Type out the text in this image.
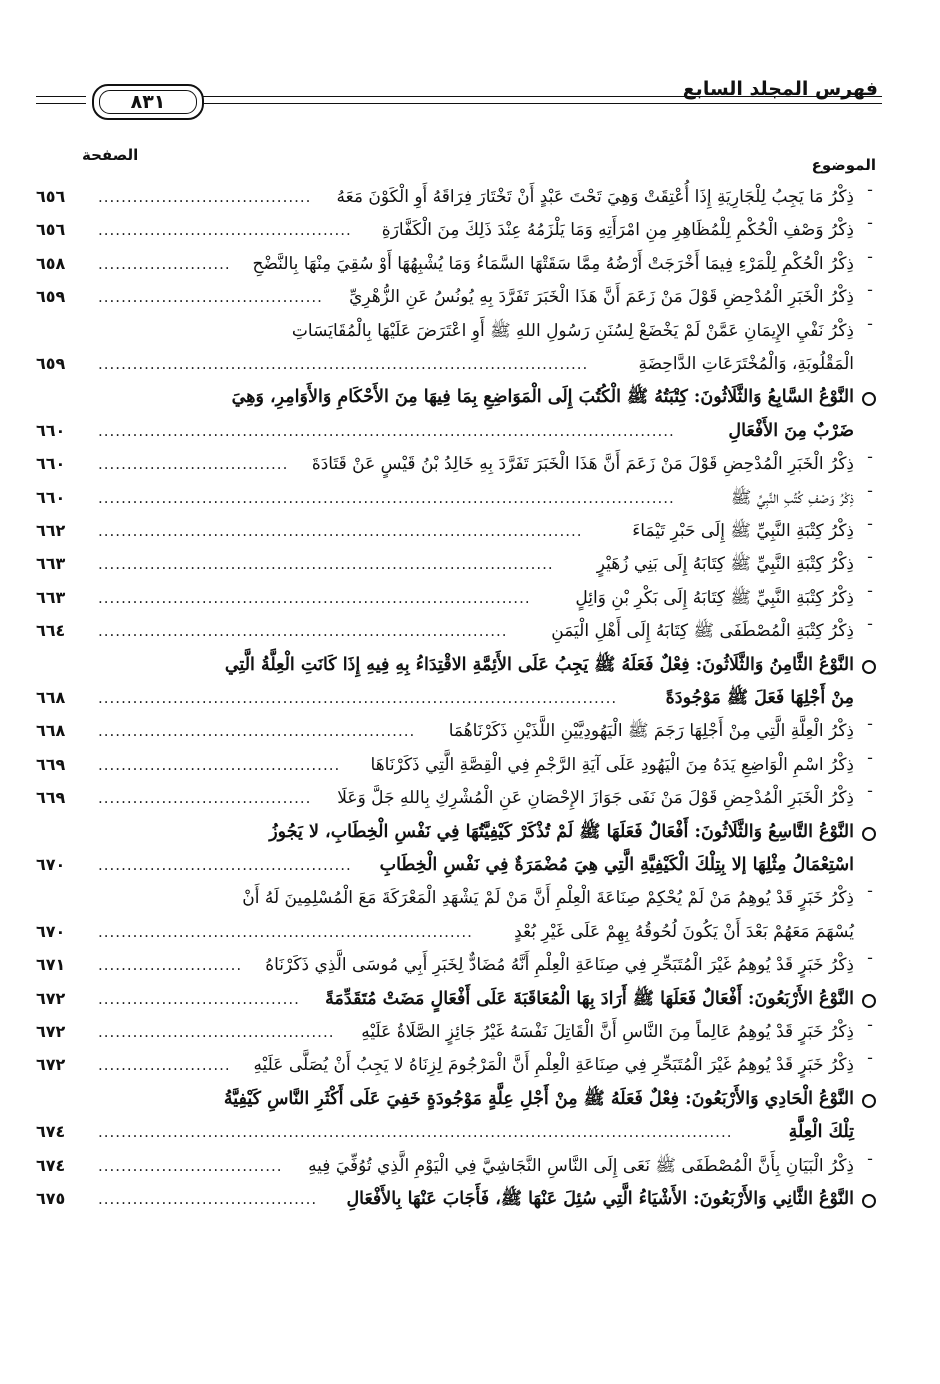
فهرس المجلد السابع
٨٣١
الموضوع
الصفحة
-
ذِكْرُ مَا يَجِبُ لِلْجَارِيَةِ إِذَا أُعْتِقَتْ وَهِيَ تَحْتَ عَبْدٍ أَنْ تَخْتَارَ فِرَاقَهُ أَوِ الْكَوْنَ مَعَهُ
.....................................
٦٥٦
-
ذِكْرُ وَصْفِ الْحُكْمِ لِلْمُظَاهِرِ مِنِ امْرَأَتِهِ وَمَا يَلْزَمُهُ عِنْدَ ذَلِكَ مِنَ الْكَفَّارَةِ
............................................
٦٥٦
-
ذِكْرُ الْحُكْمِ لِلْمَرْءِ فِيمَا أَخْرَجَتْ أَرْضُهُ مِمَّا سَقَتْهَا السَّمَاءُ وَمَا يُشْبِهُهَا أَوْ سُقِيَ مِنْهَا بِالنَّضْحِ
.......................
٦٥٨
-
ذِكْرُ الْخَبَرِ الْمُدْحِضِ قَوْلَ مَنْ زَعَمَ أَنَّ هَذَا الْخَبَرَ تَفَرَّدَ بِهِ يُونُسُ عَنِ الزُّهْرِيِّ
.......................................
٦٥٩
-
ذِكْرُ نَفْيِ الإِيمَانِ عَمَّنْ لَمْ يَخْضَعْ لِسُنَنِ رَسُولِ اللهِ ﷺ أَوِ اعْتَرَضَ عَلَيْهَا بِالْمُقَايَسَاتِ
الْمَقْلُوبَةِ، وَالْمُخْتَرَعَاتِ الدَّاحِضَةِ
.....................................................................................
٦٥٩
النَّوْعُ السَّابِعُ وَالثَّلَاثُونَ: كِتْبَتُهُ ﷺ الْكُتُبَ إِلَى الْمَوَاضِعِ بِمَا فِيهَا مِنَ الأَحْكَامِ وَالأَوَامِرِ، وَهِيَ
ضَرْبٌ مِنَ الأَفْعَالِ
....................................................................................................
٦٦٠
-
ذِكْرُ الْخَبَرِ الْمُدْحِضِ قَوْلَ مَنْ زَعَمَ أَنَّ هَذَا الْخَبَرَ تَفَرَّدَ بِهِ خَالِدُ بْنُ قَيْسٍ عَنْ قَتَادَةَ
.................................
٦٦٠
-
ذِكْرُ وَصْفِ كُتُبِ النَّبِيِّ ﷺ
....................................................................................................
٦٦٠
-
ذِكْرُ كِتْبَةِ النَّبِيِّ ﷺ إِلَى حَبْرِ تَيْمَاءَ
....................................................................................
٦٦٢
-
ذِكْرُ كِتْبَةِ النَّبِيِّ ﷺ كِتَابَهُ إِلَى بَنِي زُهَيْرٍ
...............................................................................
٦٦٣
-
ذِكْرُ كِتْبَةِ النَّبِيِّ ﷺ كِتَابَهُ إِلَى بَكْرِ بْنِ وَائِلٍ
...........................................................................
٦٦٣
-
ذِكْرُ كِتْبَةِ الْمُصْطَفَى ﷺ كِتَابَهُ إِلَى أَهْلِ الْيَمَنِ
.......................................................................
٦٦٤
النَّوْعُ الثَّامِنُ وَالثَّلَاثُونَ: فِعْلٌ فَعَلَهُ ﷺ يَجِبُ عَلَى الأَئِمَّةِ الاقْتِدَاءُ بِهِ فِيهِ إِذَا كَانَتِ الْعِلَّةُ الَّتِي
مِنْ أَجْلِهَا فَعَلَ ﷺ مَوْجُودَةً
..........................................................................................
٦٦٨
-
ذِكْرُ الْعِلَّةِ الَّتِي مِنْ أَجْلِهَا رَجَمَ ﷺ الْيَهُودِيَّيْنِ اللَّذَيْنِ ذَكَرْنَاهُمَا
.......................................................
٦٦٨
-
ذِكْرُ اسْمِ الْوَاضِعِ يَدَهُ مِنَ الْيَهُودِ عَلَى آيَةِ الرَّجْمِ فِي الْقِصَّةِ الَّتِي ذَكَرْنَاهَا
..........................................
٦٦٩
-
ذِكْرُ الْخَبَرِ الْمُدْحِضِ قَوْلَ مَنْ نَفَى جَوَازَ الإِحْصَانِ عَنِ الْمُشْرِكِ بِاللهِ جَلَّ وَعَلَا
.....................................
٦٦٩
النَّوْعُ التَّاسِعُ وَالثَّلَاثُونَ: أَفْعَالٌ فَعَلَهَا ﷺ لَمْ تُذْكَرْ كَيْفِيَّتُهَا فِي نَفْسِ الْخِطَابِ، لا يَجُوزُ
اسْتِعْمَالُ مِثْلِهَا إلا بِتِلْكَ الْكَيْفِيَّةِ الَّتِي هِيَ مُضْمَرَةٌ فِي نَفْسِ الْخِطَابِ
............................................
٦٧٠
-
ذِكْرُ خَبَرٍ قَدْ يُوهِمُ مَنْ لَمْ يُحْكِمْ صِنَاعَةَ الْعِلْمِ أَنَّ مَنْ لَمْ يَشْهَدِ الْمَعْرَكَةَ مَعَ الْمُسْلِمِينَ لَهُ أَنْ
يُسْهَمَ مَعَهُمْ بَعْدَ أَنْ يَكُونَ لُحُوقُهُ بِهِمْ عَلَى غَيْرِ بُعْدٍ
.................................................................
٦٧٠
-
ذِكْرُ خَبَرٍ قَدْ يُوهِمُ غَيْرَ الْمُتَبَحِّرِ فِي صِنَاعَةِ الْعِلْمِ أَنَّهُ مُضَادٌّ لِخَبَرِ أَبِي مُوسَى الَّذِي ذَكَرْنَاهُ
.........................
٦٧١
النَّوْعُ الأَرْبَعُونَ: أَفْعَالٌ فَعَلَهَا ﷺ أَرَادَ بِهَا الْمُعَاقَبَةَ عَلَى أَفْعَالٍ مَضَتْ مُتَقَدِّمَةً
...................................
٦٧٢
-
ذِكْرُ خَبَرٍ قَدْ يُوهِمُ عَالِماً مِنَ النَّاسِ أَنَّ الْقَاتِلَ نَفْسَهُ غَيْرُ جَائِزٍ الصَّلَاةُ عَلَيْهِ
.........................................
٦٧٢
-
ذِكْرُ خَبَرٍ قَدْ يُوهِمُ غَيْرَ الْمُتَبَحِّرِ فِي صِنَاعَةِ الْعِلْمِ أَنَّ الْمَرْجُومَ لِزِنَاهُ لا يَجِبُ أَنْ يُصَلَّى عَلَيْهِ
.......................
٦٧٢
النَّوْعُ الْحَادِي وَالأَرْبَعُونَ: فِعْلٌ فَعَلَهُ ﷺ مِنْ أَجْلِ عِلَّةٍ مَوْجُودَةٍ خَفِيَ عَلَى أَكْثَرِ النَّاسِ كَيْفِيَّةُ
تِلْكَ الْعِلَّةِ
..............................................................................................................
٦٧٤
-
ذِكْرُ الْبَيَانِ بِأَنَّ الْمُصْطَفَى ﷺ نَعَى إِلَى النَّاسِ النَّجَاشِيَّ فِي الْيَوْمِ الَّذِي تُوُفِّيَ فِيهِ
................................
٦٧٤
النَّوْعُ الثَّانِي وَالأَرْبَعُونَ: الأَشْيَاءُ الَّتِي سُئِلَ عَنْهَا ﷺ، فَأَجَابَ عَنْهَا بِالأَفْعَالِ
......................................
٦٧٥
